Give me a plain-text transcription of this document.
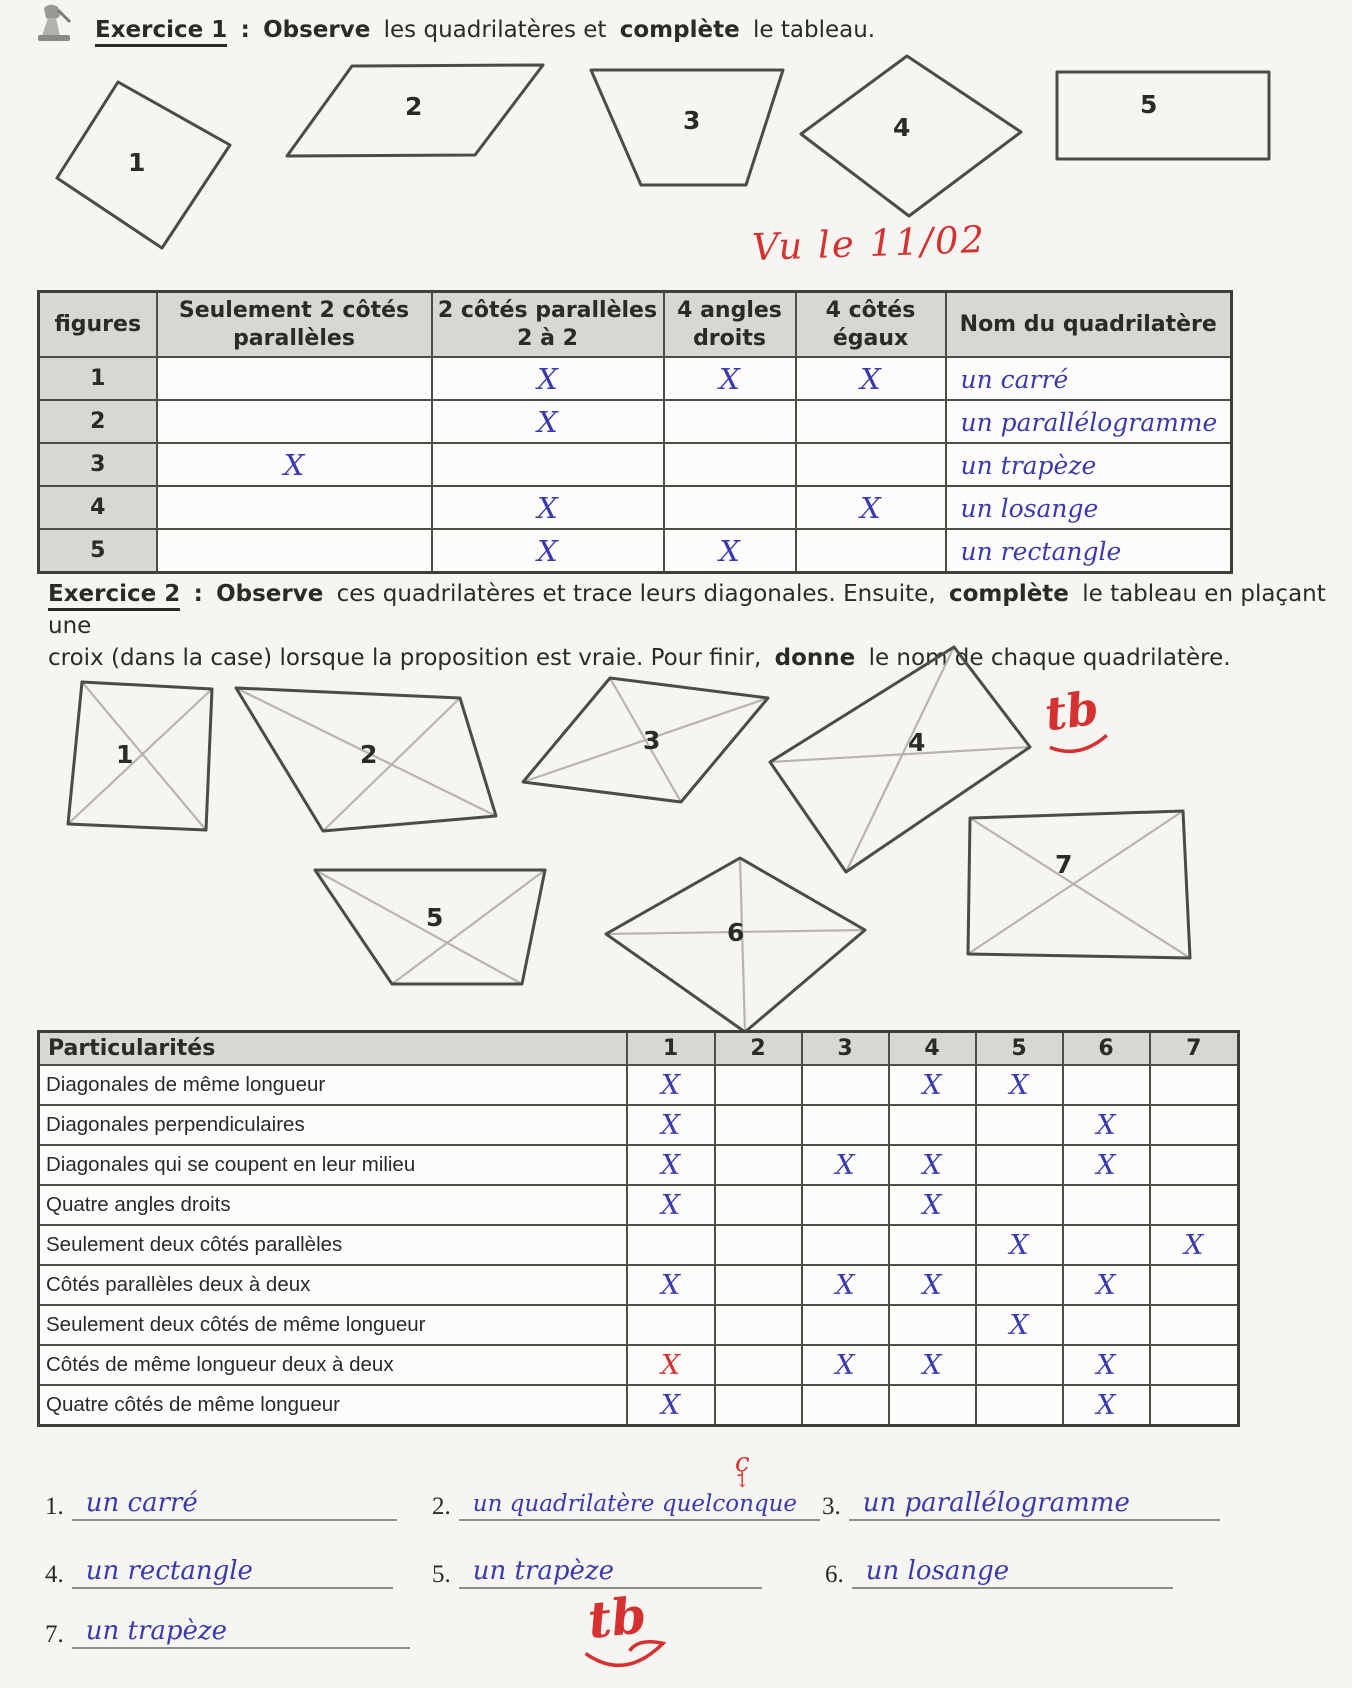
Exercice 1 : Observe les quadrilatères et complète le tableau.
1
2	3	4
5
Vu le 11/02
figures	Seulement 2 côtés parallèles	2 côtés parallèles 2 à 2	4 angles droits	4 côtés égaux	Nom du quadrilatère
1		X	X	X	un carré
2		X			un parallélogramme
3	X				un trapèze
4		X		X	un losange
5		X	X		un rectangle
Exercice 2 : Observe ces quadrilatères et trace leurs diagonales. Ensuite, complète le tableau en plaçant une
croix (dans la case) lorsque la proposition est vraie. Pour finir, donne le nom de chaque quadrilatère.
1	2	3	4
5
6
7
tb
Particularités	1	2	3	4	5	6	7
Diagonales de même longueur	X			X	X		
Diagonales perpendiculaires	X					X	
Diagonales qui se coupent en leur milieu	X		X	X		X	
Quatre angles droits	X			X			
Seulement deux côtés parallèles					X		X
Côtés parallèles deux à deux	X		X	X		X	
Seulement deux côtés de même longueur					X		
Côtés de même longueur deux à deux	X		X	X		X	
Quatre côtés de même longueur	X					X	
1. un carré	2. un quadrilatère quelconque
ç
↓
3. un parallélogramme
4. un rectangle	5. un trapèze	6. un losange
7. un trapèze	tb
